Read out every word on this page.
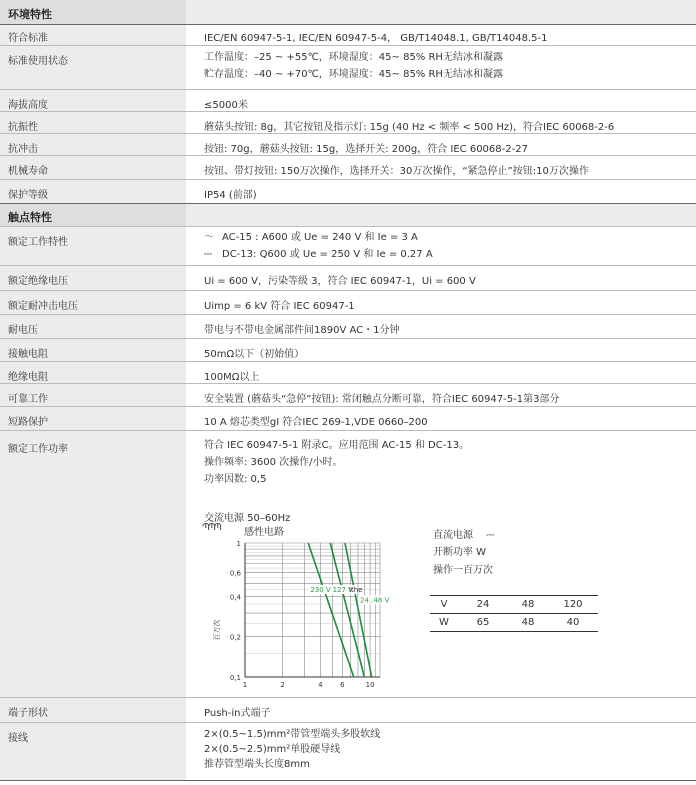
环境特性
符合标准	IEC/EN 60947-5-1, IEC/EN 60947-5-4， GB/T14048.1, GB/T14048.5-1
标准使用状态	工作温度：–25 ~ +55℃，环境湿度：45~ 85% RH无结冰和凝露
贮存温度：–40 ~ +70℃，环境湿度：45~ 85% RH无结冰和凝露
海拔高度	≤5000米
抗振性	蘑菇头按钮: 8g，其它按钮及指示灯: 15g (40 Hz < 频率 < 500 Hz)，符合IEC 60068-2-6
抗冲击	按钮: 70g，蘑菇头按钮: 15g，选择开关: 200g，符合 IEC 60068-2-27
机械寿命	按钮、带灯按钮: 150万次操作，选择开关：30万次操作，“紧急停止”按钮:10万次操作
保护等级	IP54 (前部)
触点特性
额定工作特性	～ AC-15 : A600 或 Ue = 240 V 和 Ie = 3 A
⎓ DC-13: Q600 或 Ue = 250 V 和 Ie = 0.27 A
额定绝缘电压	Ui = 600 V，污染等级 3，符合 IEC 60947-1，Ui = 600 V
额定耐冲击电压	Uimp = 6 kV 符合 IEC 60947-1
耐电压	带电与不带电金属部件间1890V AC・1分钟
接触电阻	50mΩ以下（初始值）
绝缘电阻	100MΩ以上
可靠工作	安全装置 (蘑菇头“急停”按钮): 常闭触点分断可靠，符合IEC 60947-5-1第3部分
短路保护	10 A 熔芯类型gI 符合IEC 269-1,VDE 0660–200
额定工作功率	符合 IEC 60947-5-1 附录C。应用范围 AC-15 和 DC-13。
操作频率: 3600 次操作/小时。
功率因数: 0,5
交流电源 50–60Hz
ՊՊՊ 感性电路	直流电源 ⎓
开断功率 W
操作一百万次
V	24	48	120
W	65	48	40
1	2	4	6	10
0,1
0,2
0,4
0,6
1
百万次
230 V 127 V
24..48 V
Ithe
端子形状	Push-in式端子
接线	2×(0.5~1.5)mm²带管型端头多股软线
2×(0.5~2.5)mm²单股硬导线
推荐管型端头长度8mm
